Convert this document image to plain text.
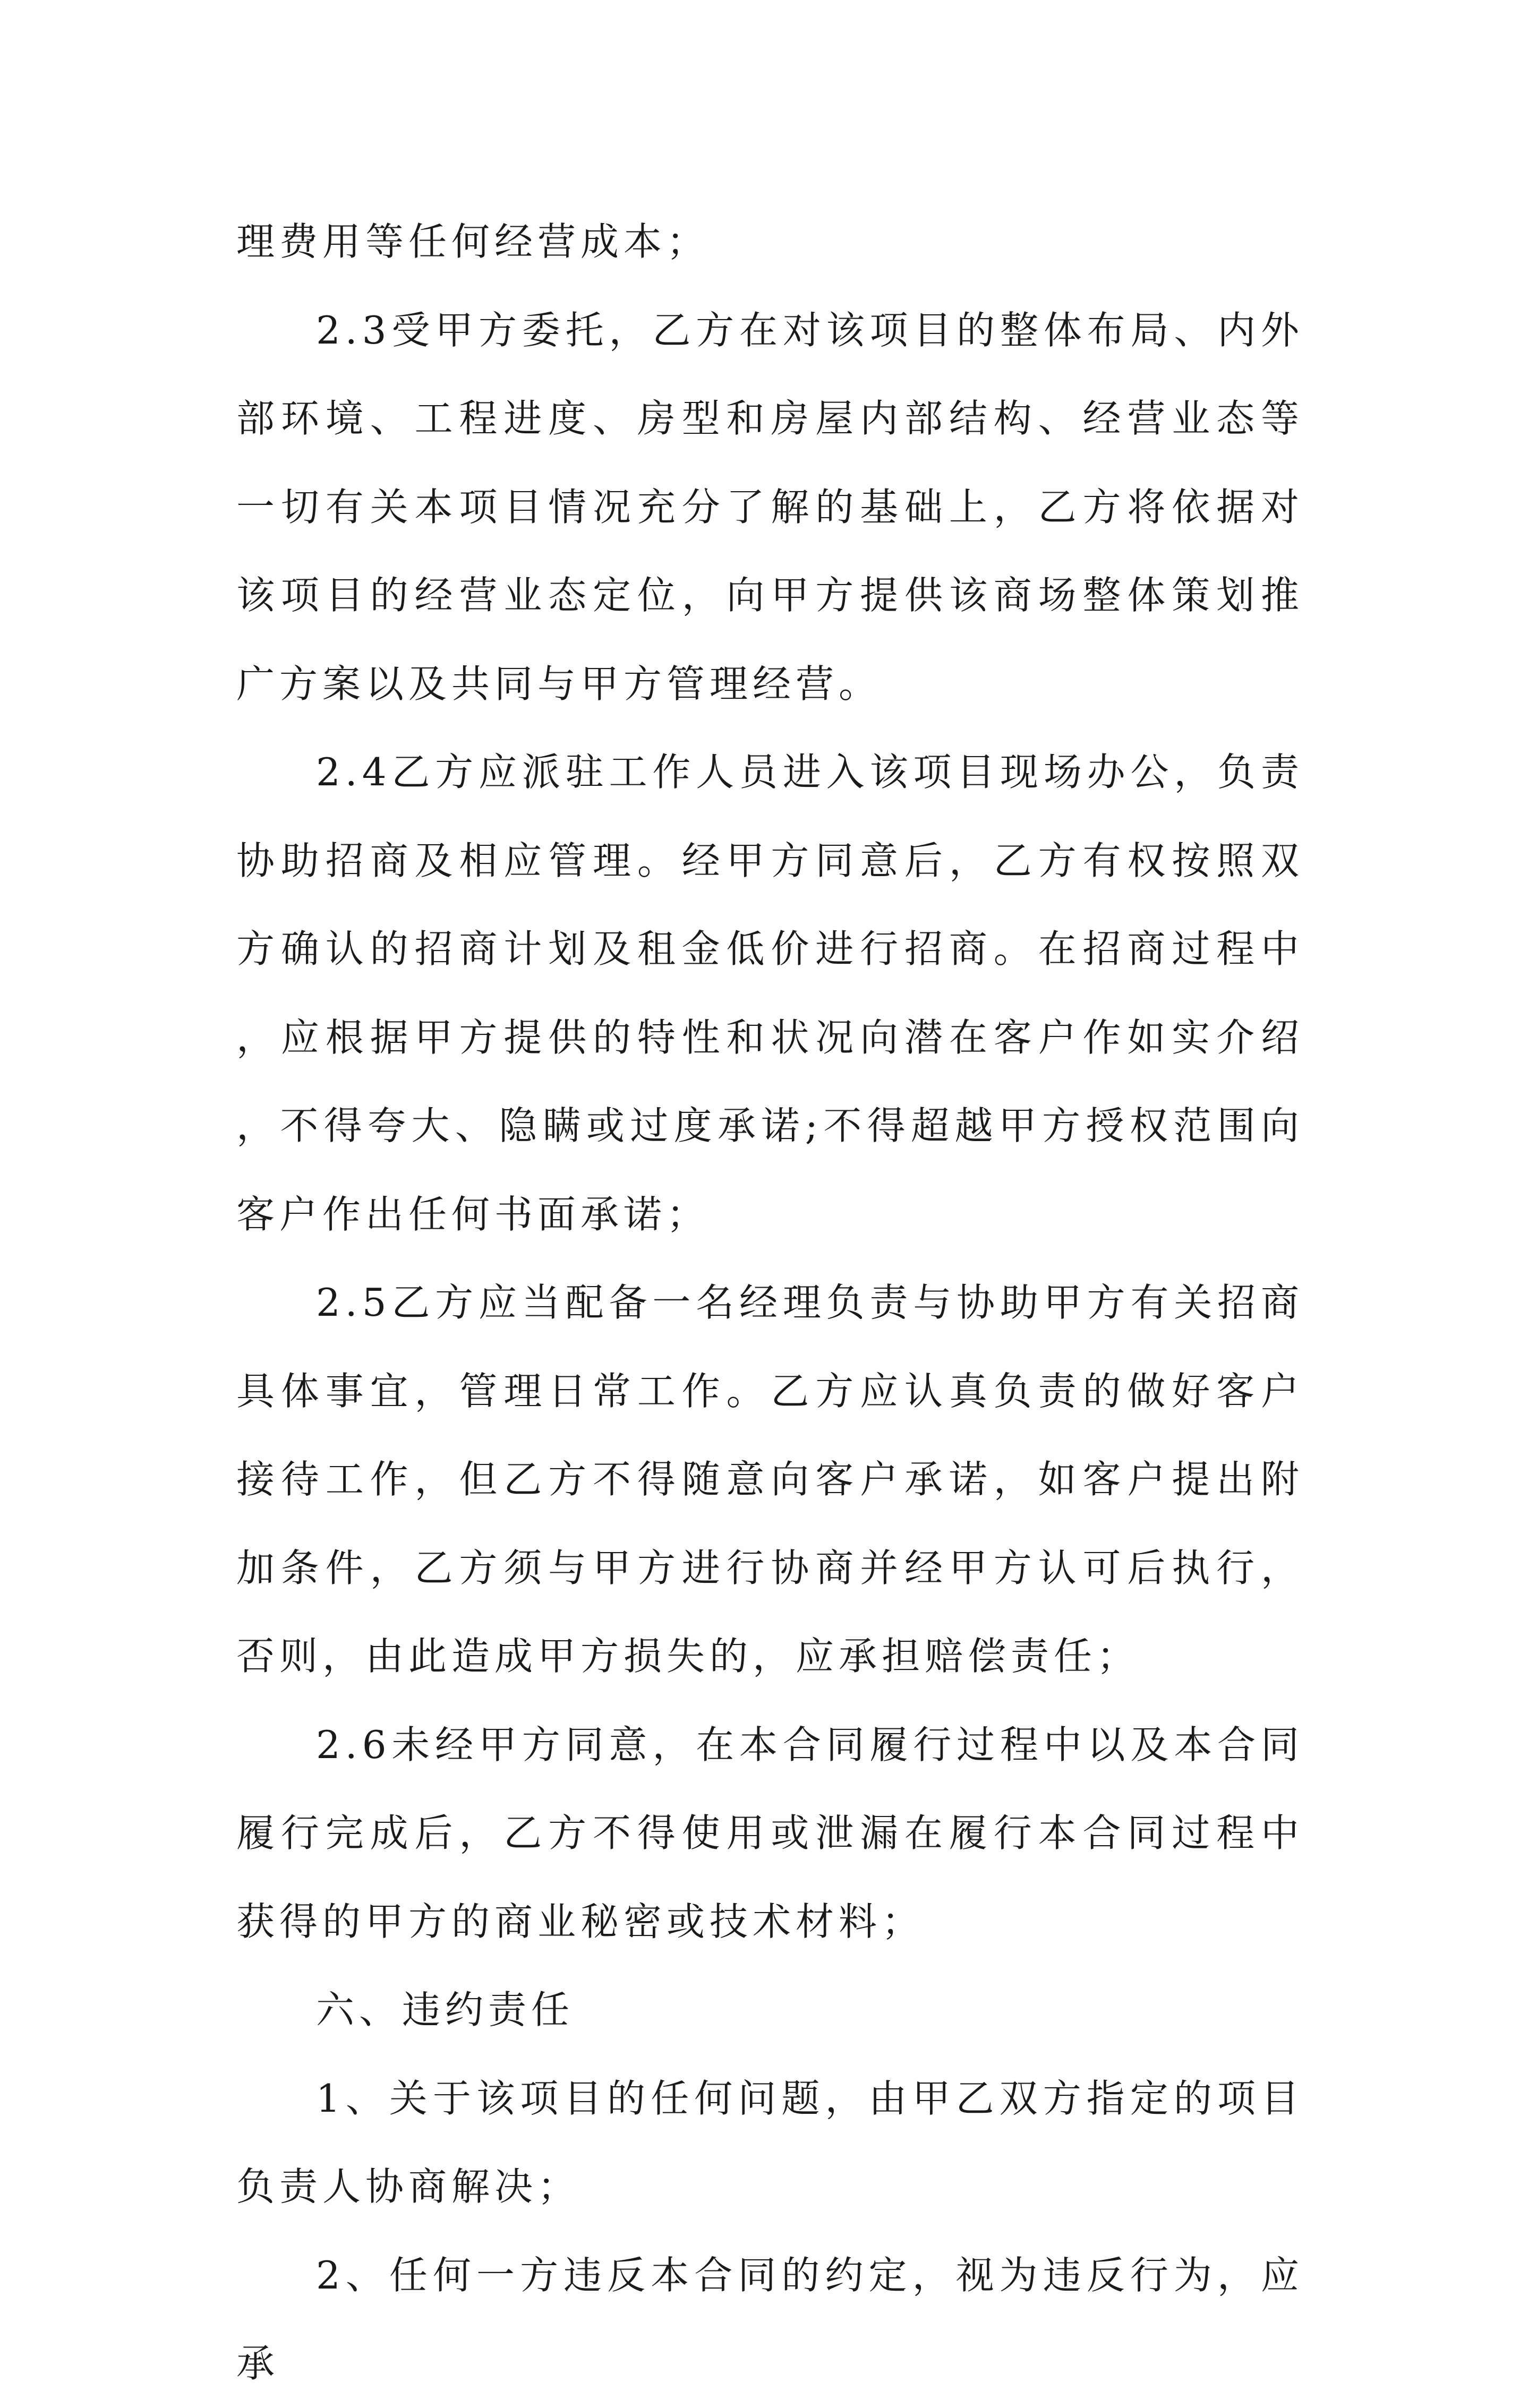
理费用等任何经营成本；

2.3受甲方委托，乙方在对该项目的整体布局、内外部环境、工程进度、房型和房屋内部结构、经营业态等一切有关本项目情况充分了解的基础上，乙方将依据对该项目的经营业态定位，向甲方提供该商场整体策划推广方案以及共同与甲方管理经营。

2.4乙方应派驻工作人员进入该项目现场办公，负责协助招商及相应管理。经甲方同意后，乙方有权按照双方确认的招商计划及租金低价进行招商。在招商过程中，应根据甲方提供的特性和状况向潜在客户作如实介绍，不得夸大、隐瞒或过度承诺;不得超越甲方授权范围向客户作出任何书面承诺；

2.5乙方应当配备一名经理负责与协助甲方有关招商具体事宜，管理日常工作。乙方应认真负责的做好客户接待工作，但乙方不得随意向客户承诺，如客户提出附加条件，乙方须与甲方进行协商并经甲方认可后执行，否则，由此造成甲方损失的，应承担赔偿责任；

2.6未经甲方同意，在本合同履行过程中以及本合同履行完成后，乙方不得使用或泄漏在履行本合同过程中获得的甲方的商业秘密或技术材料；

六、违约责任

1、关于该项目的任何问题，由甲乙双方指定的项目负责人协商解决；

2、任何一方违反本合同的约定，视为违反行为，应承
